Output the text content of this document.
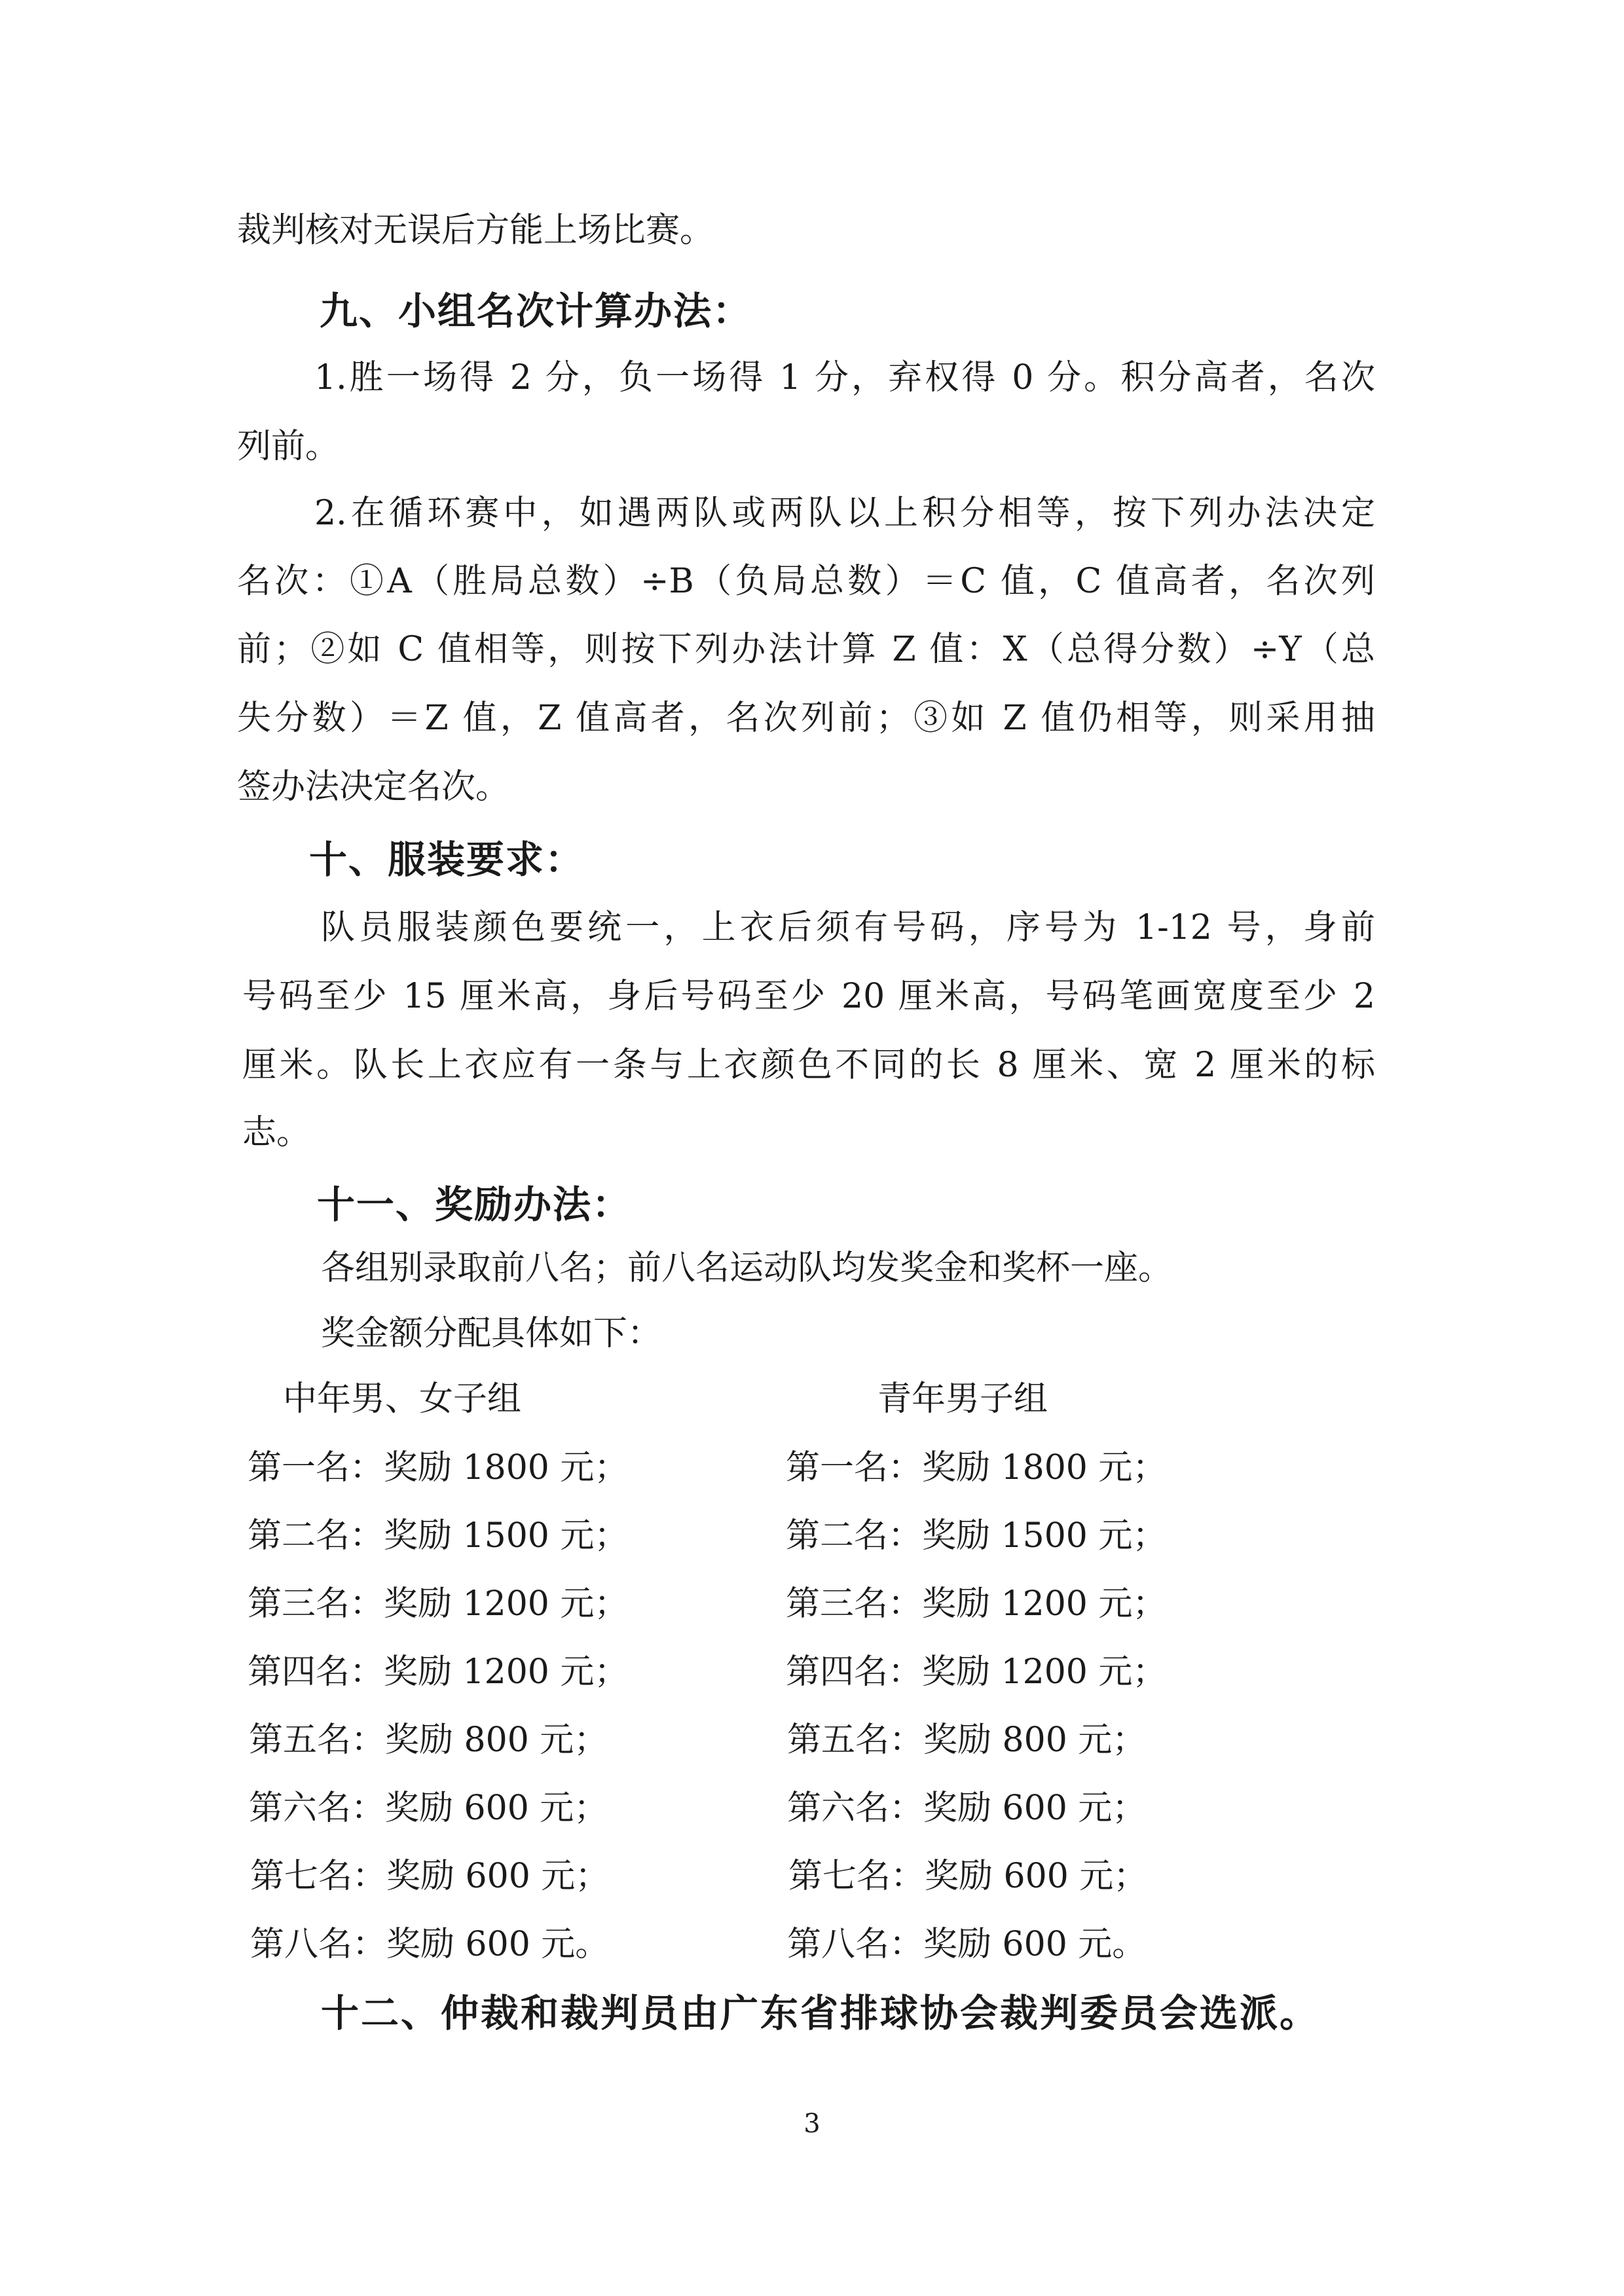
裁判核对无误后方能上场比赛。
九、小组名次计算办法：
1.胜一场得 2 分，负一场得 1 分，弃权得 0 分。积分高者，名次
列前。
2.在循环赛中，如遇两队或两队以上积分相等，按下列办法决定
名次：①A（胜局总数）÷B（负局总数）＝C 值，C 值高者，名次列
前；②如 C 值相等，则按下列办法计算 Z 值：X（总得分数）÷Y（总
失分数）＝Z 值，Z 值高者，名次列前；③如 Z 值仍相等，则采用抽
签办法决定名次。
十、服装要求：
队员服装颜色要统一，上衣后须有号码，序号为 1-12 号，身前
号码至少 15 厘米高，身后号码至少 20 厘米高，号码笔画宽度至少 2
厘米。队长上衣应有一条与上衣颜色不同的长 8 厘米、宽 2 厘米的标
志。
十一、奖励办法：
各组别录取前八名；前八名运动队均发奖金和奖杯一座。
奖金额分配具体如下：
中年男、女子组	青年男子组
第一名：奖励 1800 元；
第二名：奖励 1500 元；
第三名：奖励 1200 元；
第四名：奖励 1200 元；
第五名：奖励 800 元；
第六名：奖励 600 元；
第七名：奖励 600 元；
第八名：奖励 600 元。
第一名：奖励 1800 元；
第二名：奖励 1500 元；
第三名：奖励 1200 元；
第四名：奖励 1200 元；
第五名：奖励 800 元；
第六名：奖励 600 元；
第七名：奖励 600 元；
第八名：奖励 600 元。
十二、仲裁和裁判员由广东省排球协会裁判委员会选派。
3
